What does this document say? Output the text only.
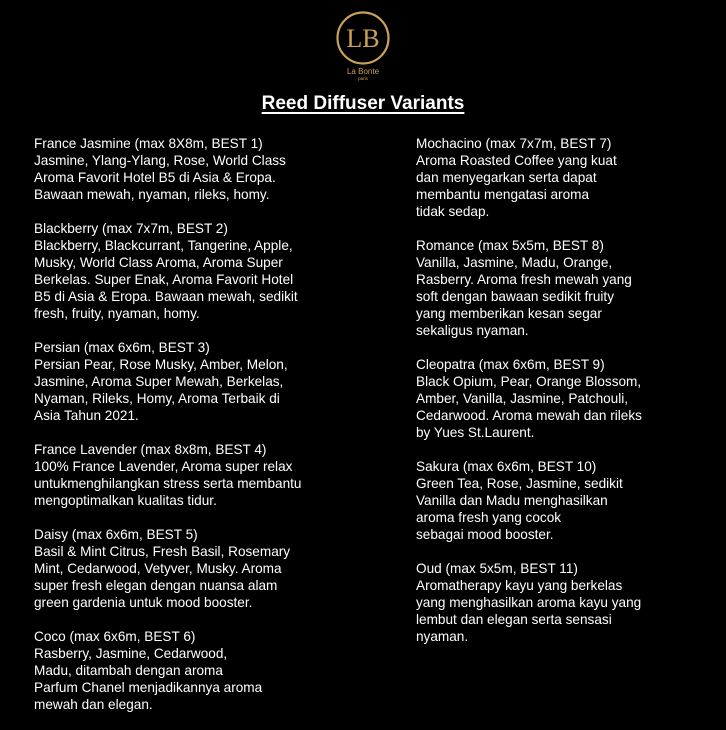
LB
La Bonte
paris
Reed Diffuser Variants
France Jasmine (max 8X8m, BEST 1)
Jasmine, Ylang-Ylang, Rose, World Class
Aroma Favorit Hotel B5 di Asia & Eropa.
Bawaan mewah, nyaman, rileks, homy.
Blackberry (max 7x7m, BEST 2)
Blackberry, Blackcurrant, Tangerine, Apple,
Musky, World Class Aroma, Aroma Super
Berkelas. Super Enak, Aroma Favorit Hotel
B5 di Asia & Eropa. Bawaan mewah, sedikit
fresh, fruity, nyaman, homy.
Persian (max 6x6m, BEST 3)
Persian Pear, Rose Musky, Amber, Melon,
Jasmine, Aroma Super Mewah, Berkelas,
Nyaman, Rileks, Homy, Aroma Terbaik di
Asia Tahun 2021.
France Lavender (max 8x8m, BEST 4)
100% France Lavender, Aroma super relax
untukmenghilangkan stress serta membantu
mengoptimalkan kualitas tidur.
Daisy (max 6x6m, BEST 5)
Basil & Mint Citrus, Fresh Basil, Rosemary
Mint, Cedarwood, Vetyver, Musky. Aroma
super fresh elegan dengan nuansa alam
green gardenia untuk mood booster.
Coco (max 6x6m, BEST 6)
Rasberry, Jasmine, Cedarwood,
Madu, ditambah dengan aroma
Parfum Chanel menjadikannya aroma
mewah dan elegan.
Mochacino (max 7x7m, BEST 7)
Aroma Roasted Coffee yang kuat
dan menyegarkan serta dapat
membantu mengatasi aroma
tidak sedap.
Romance (max 5x5m, BEST 8)
Vanilla, Jasmine, Madu, Orange,
Rasberry. Aroma fresh mewah yang
soft dengan bawaan sedikit fruity
yang memberikan kesan segar
sekaligus nyaman.
Cleopatra (max 6x6m, BEST 9)
Black Opium, Pear, Orange Blossom,
Amber, Vanilla, Jasmine, Patchouli,
Cedarwood. Aroma mewah dan rileks
by Yues St.Laurent.
Sakura (max 6x6m, BEST 10)
Green Tea, Rose, Jasmine, sedikit
Vanilla dan Madu menghasilkan
aroma fresh yang cocok
sebagai mood booster.
Oud (max 5x5m, BEST 11)
Aromatherapy kayu yang berkelas
yang menghasilkan aroma kayu yang
lembut dan elegan serta sensasi
nyaman.
